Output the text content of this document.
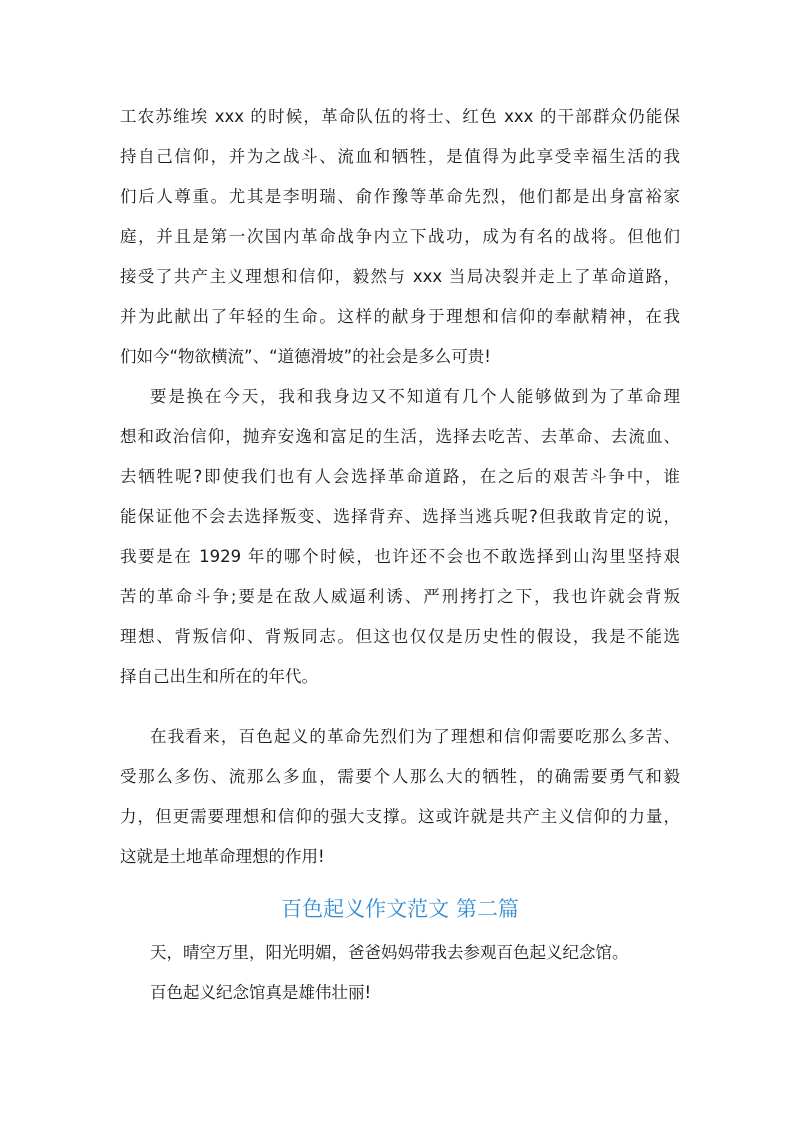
工农苏维埃 xxx 的时候，革命队伍的将士、红色 xxx 的干部群众仍能保
持自己信仰，并为之战斗、流血和牺牲，是值得为此享受幸福生活的我
们后人尊重。尤其是李明瑞、俞作豫等革命先烈，他们都是出身富裕家
庭，并且是第一次国内革命战争内立下战功，成为有名的战将。但他们
接受了共产主义理想和信仰，毅然与 xxx 当局决裂并走上了革命道路，
并为此献出了年轻的生命。这样的献身于理想和信仰的奉献精神，在我
们如今“物欲横流”、“道德滑坡”的社会是多么可贵!
要是换在今天，我和我身边又不知道有几个人能够做到为了革命理
想和政治信仰，抛弃安逸和富足的生活，选择去吃苦、去革命、去流血、
去牺牲呢?即使我们也有人会选择革命道路，在之后的艰苦斗争中，谁
能保证他不会去选择叛变、选择背弃、选择当逃兵呢?但我敢肯定的说，
我要是在 1929 年的哪个时候，也许还不会也不敢选择到山沟里坚持艰
苦的革命斗争;要是在敌人威逼利诱、严刑拷打之下，我也许就会背叛
理想、背叛信仰、背叛同志。但这也仅仅是历史性的假设，我是不能选
择自己出生和所在的年代。
在我看来，百色起义的革命先烈们为了理想和信仰需要吃那么多苦、
受那么多伤、流那么多血，需要个人那么大的牺牲，的确需要勇气和毅
力，但更需要理想和信仰的强大支撑。这或许就是共产主义信仰的力量，
这就是土地革命理想的作用!
百色起义作文范文 第二篇
天，晴空万里，阳光明媚，爸爸妈妈带我去参观百色起义纪念馆。
百色起义纪念馆真是雄伟壮丽!
